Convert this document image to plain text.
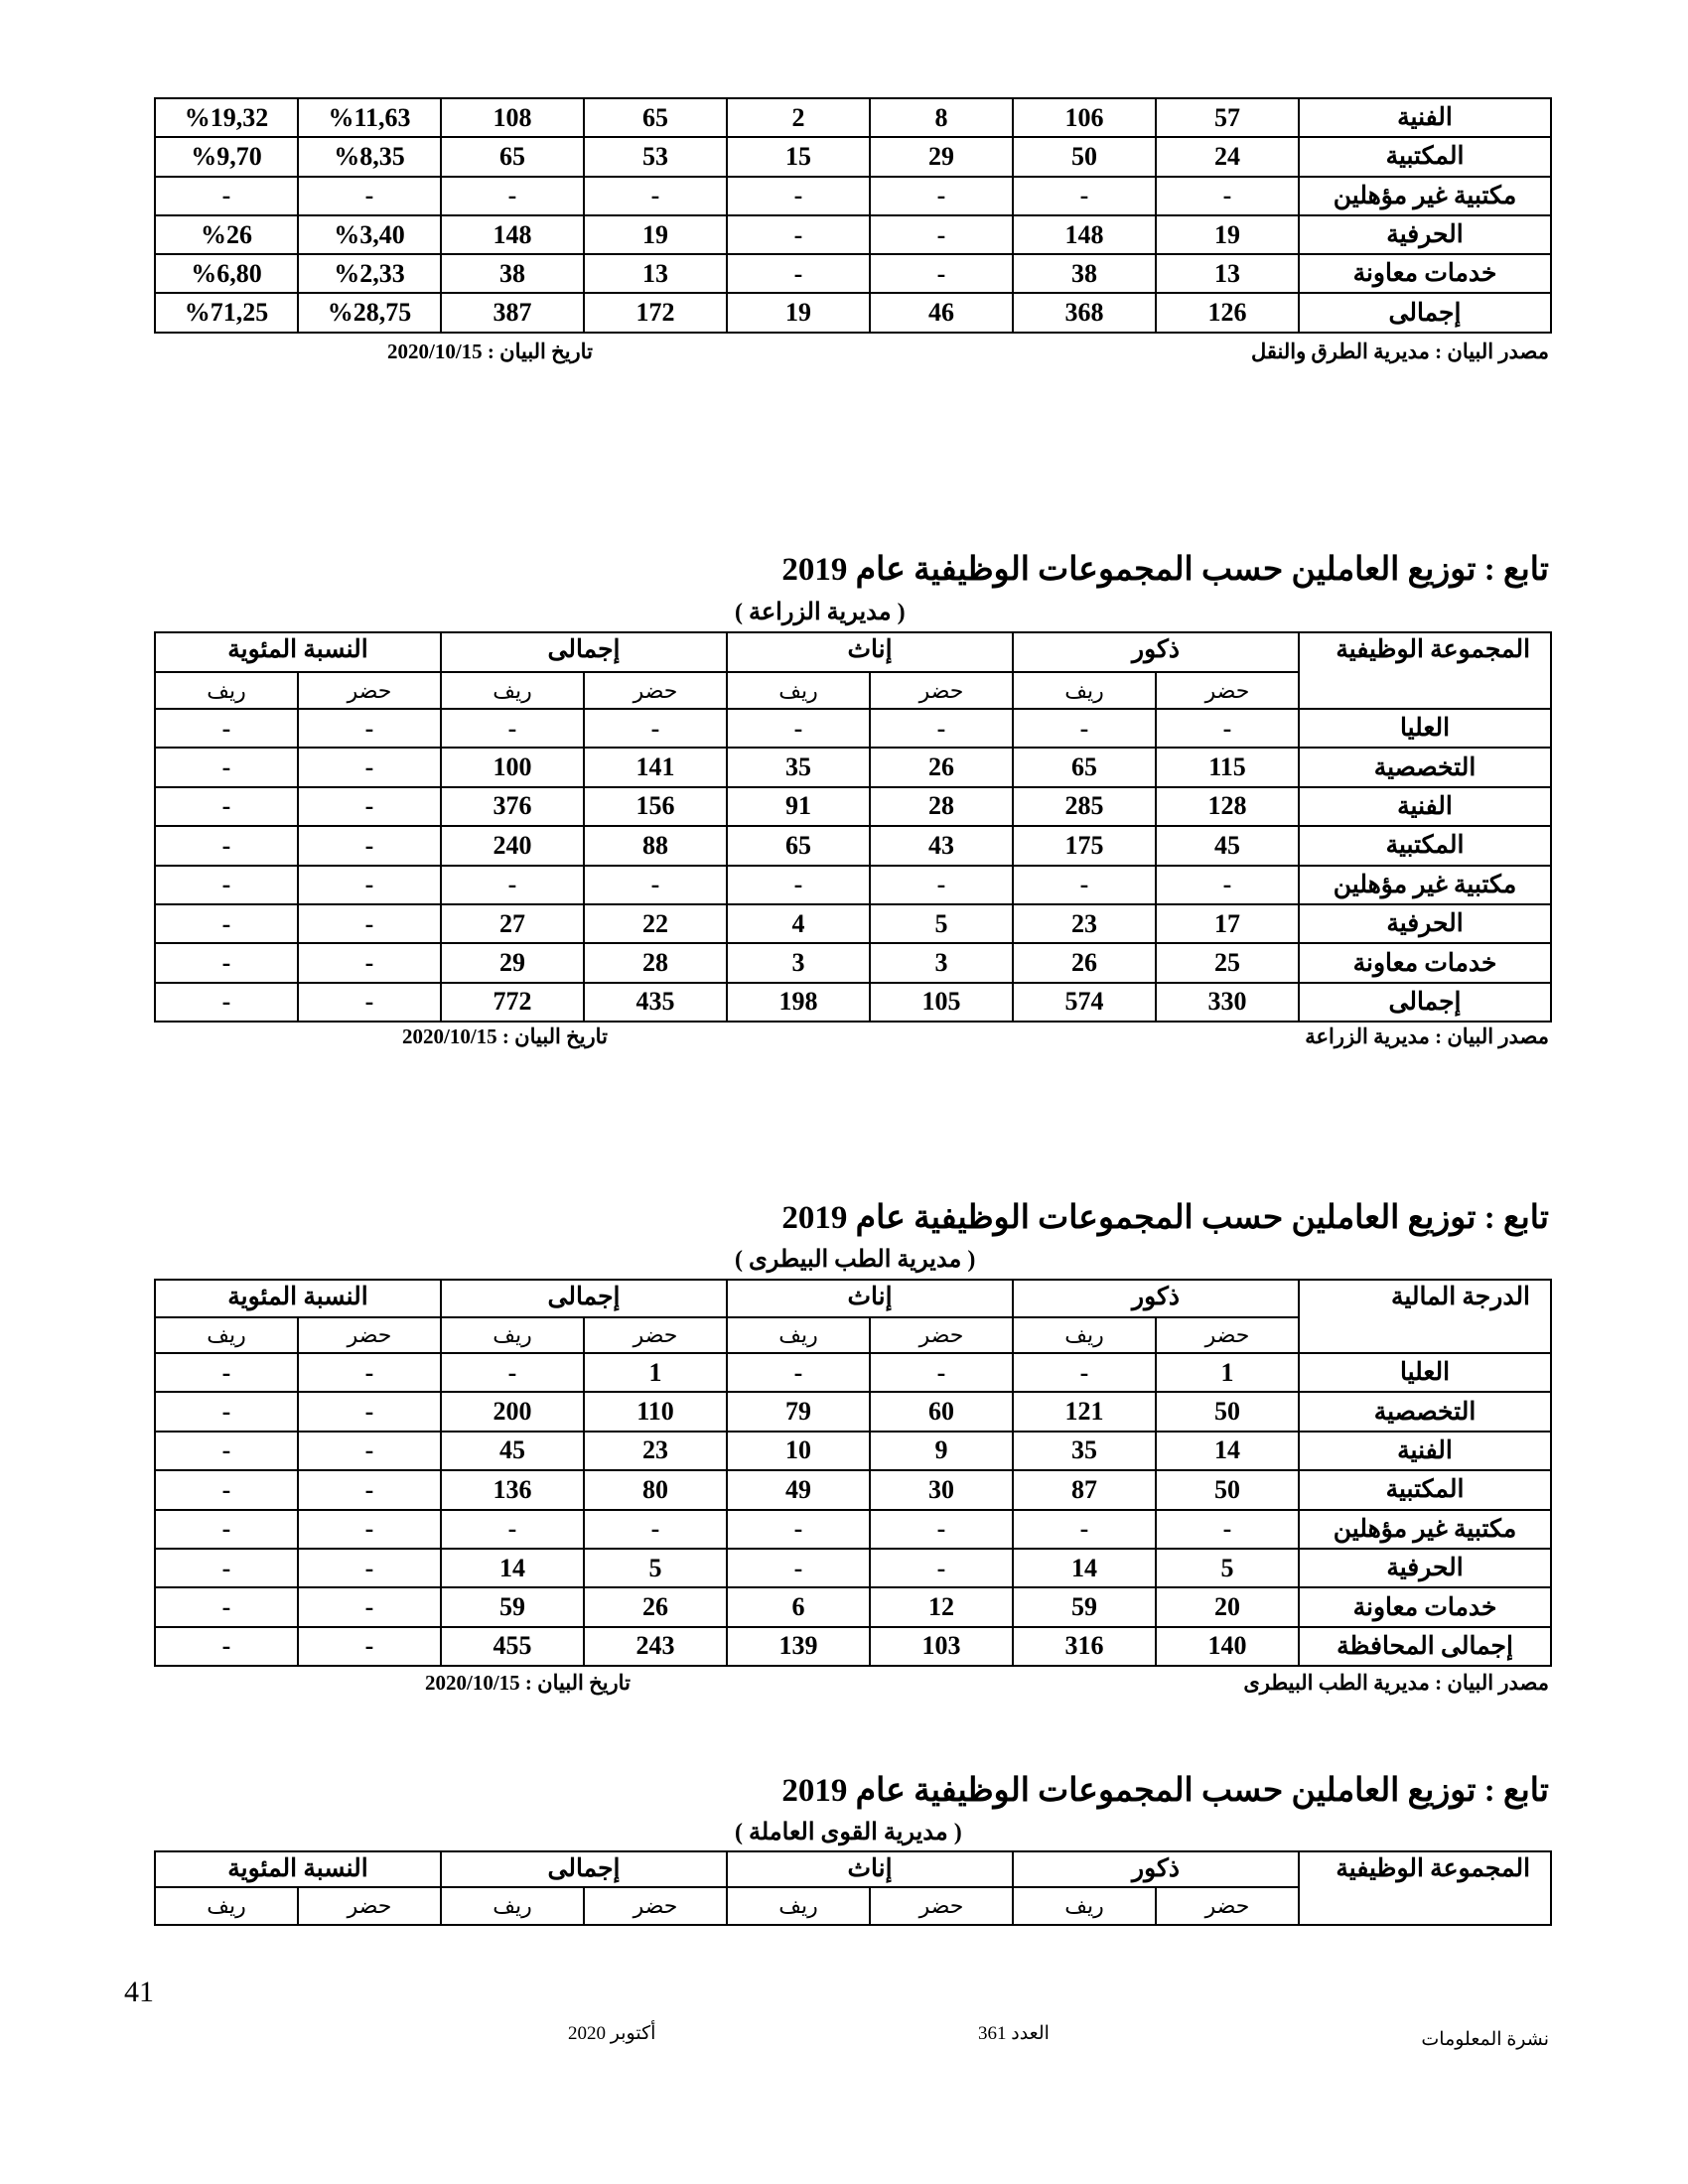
الفنية	57	106	8	2	65	108	%11,63	%19,32
المكتبية	24	50	29	15	53	65	%8,35	%9,70
مكتبية غير مؤهلين	-	-	-	-	-	-	-	-
الحرفية	19	148	-	-	19	148	%3,40	%26
خدمات معاونة	13	38	-	-	13	38	%2,33	%6,80
إجمالى	126	368	46	19	172	387	%28,75	%71,25
مصدر البيان : مديرية الطرق والنقل
تاريخ البيان : 2020/10/15
تابع : توزيع العاملين حسب المجموعات الوظيفية عام 2019
( مديرية الزراعة )
المجموعة الوظيفية	ذكور		إناث		إجمالى		النسبة المئوية	
	حضر	ريف	حضر	ريف	حضر	ريف	حضر	ريف
العليا	-	-	-	-	-	-	-	-
التخصصية	115	65	26	35	141	100	-	-
الفنية	128	285	28	91	156	376	-	-
المكتبية	45	175	43	65	88	240	-	-
مكتبية غير مؤهلين	-	-	-	-	-	-	-	-
الحرفية	17	23	5	4	22	27	-	-
خدمات معاونة	25	26	3	3	28	29	-	-
إجمالى	330	574	105	198	435	772	-	-
مصدر البيان : مديرية الزراعة
تاريخ البيان : 2020/10/15
تابع : توزيع العاملين حسب المجموعات الوظيفية عام 2019
( مديرية الطب البيطرى )
الدرجة المالية	ذكور		إناث		إجمالى		النسبة المئوية	
	حضر	ريف	حضر	ريف	حضر	ريف	حضر	ريف
العليا	1	-	-	-	1	-	-	-
التخصصية	50	121	60	79	110	200	-	-
الفنية	14	35	9	10	23	45	-	-
المكتبية	50	87	30	49	80	136	-	-
مكتبية غير مؤهلين	-	-	-	-	-	-	-	-
الحرفية	5	14	-	-	5	14	-	-
خدمات معاونة	20	59	12	6	26	59	-	-
إجمالى المحافظة	140	316	103	139	243	455	-	-
مصدر البيان : مديرية الطب البيطرى
تاريخ البيان : 2020/10/15
تابع : توزيع العاملين حسب المجموعات الوظيفية عام 2019
( مديرية القوى العاملة )
المجموعة الوظيفية	ذكور		إناث		إجمالى		النسبة المئوية	
	حضر	ريف	حضر	ريف	حضر	ريف	حضر	ريف
41
نشرة المعلومات
العدد 361
أكتوبر 2020
